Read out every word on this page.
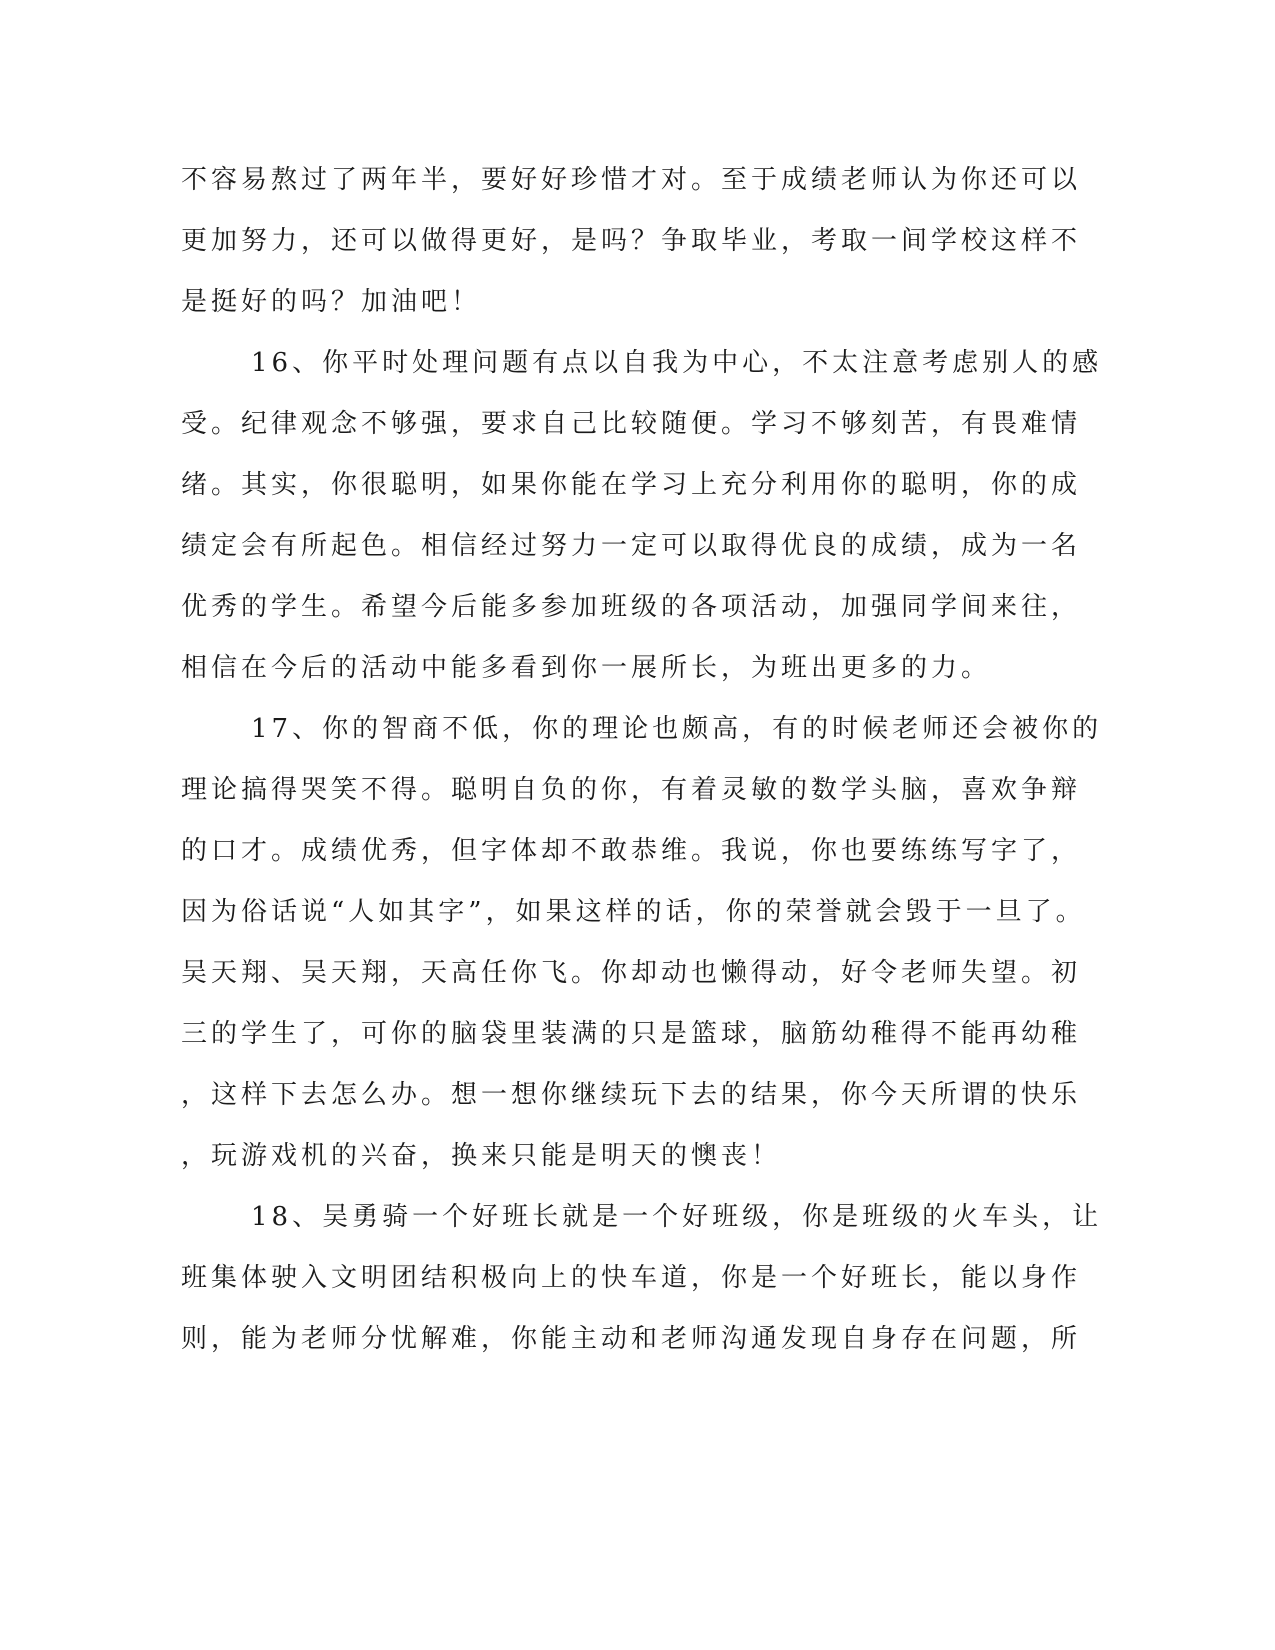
不容易熬过了两年半，要好好珍惜才对。至于成绩老师认为你还可以
更加努力，还可以做得更好，是吗？争取毕业，考取一间学校这样不
是挺好的吗？加油吧！
16、你平时处理问题有点以自我为中心，不太注意考虑别人的感
受。纪律观念不够强，要求自己比较随便。学习不够刻苦，有畏难情
绪。其实，你很聪明，如果你能在学习上充分利用你的聪明，你的成
绩定会有所起色。相信经过努力一定可以取得优良的成绩，成为一名
优秀的学生。希望今后能多参加班级的各项活动，加强同学间来往，
相信在今后的活动中能多看到你一展所长，为班出更多的力。
17、你的智商不低，你的理论也颇高，有的时候老师还会被你的
理论搞得哭笑不得。聪明自负的你，有着灵敏的数学头脑，喜欢争辩
的口才。成绩优秀，但字体却不敢恭维。我说，你也要练练写字了，
因为俗话说“人如其字”，如果这样的话，你的荣誉就会毁于一旦了。
吴天翔、吴天翔，天高任你飞。你却动也懒得动，好令老师失望。初
三的学生了，可你的脑袋里装满的只是篮球，脑筋幼稚得不能再幼稚
，这样下去怎么办。想一想你继续玩下去的结果，你今天所谓的快乐
，玩游戏机的兴奋，换来只能是明天的懊丧！
18、吴勇骑一个好班长就是一个好班级，你是班级的火车头，让
班集体驶入文明团结积极向上的快车道，你是一个好班长，能以身作
则，能为老师分忧解难，你能主动和老师沟通发现自身存在问题，所
